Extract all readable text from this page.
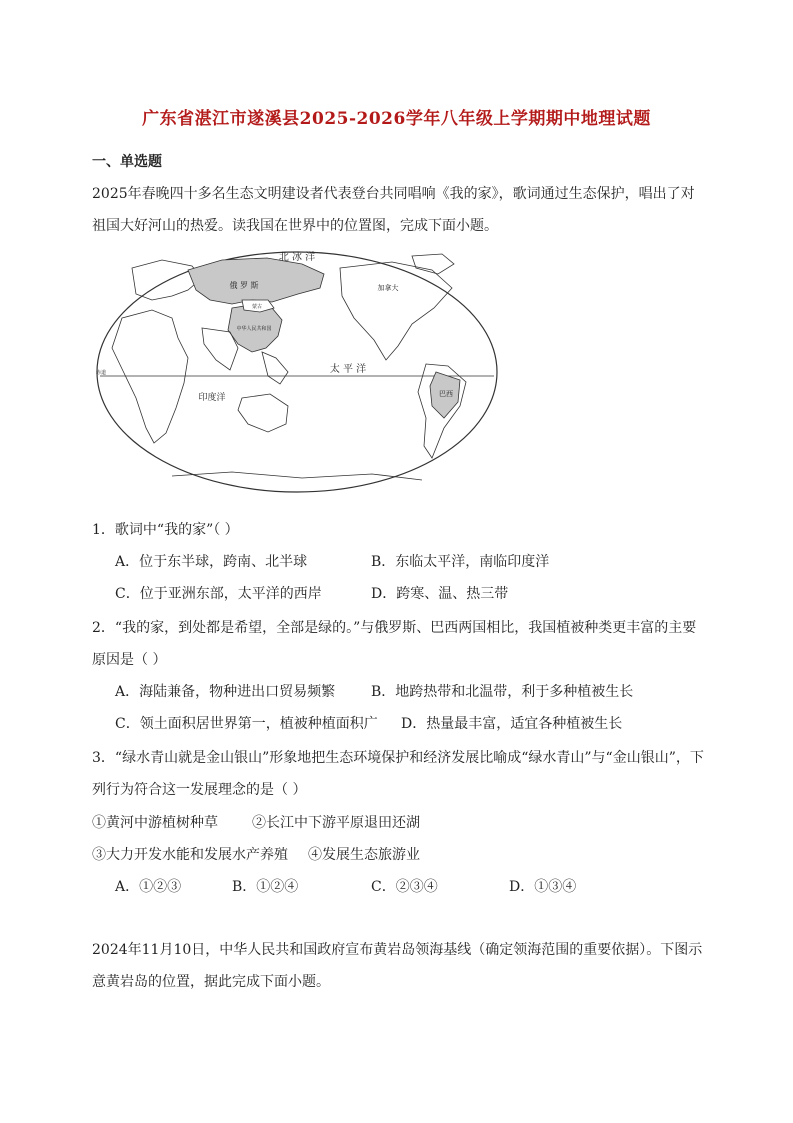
广东省湛江市遂溪县2025-2026学年八年级上学期期中地理试题
一、单选题
2025年春晚四十多名生态文明建设者代表登台共同唱响《我的家》，歌词通过生态保护，唱出了对祖国大好河山的热爱。读我国在世界中的位置图，完成下面小题。
北 冰 洋
俄 罗 斯	加拿大
蒙古
中华人民共和国
太 平 洋
印度洋	巴西
赤道
1．歌词中“我的家”（ ）
A．位于东半球，跨南、北半球	B．东临太平洋，南临印度洋
C．位于亚洲东部，太平洋的西岸	D．跨寒、温、热三带
2．“我的家，到处都是希望，全部是绿的。”与俄罗斯、巴西两国相比，我国植被种类更丰富的主要原因是（ ）
A．海陆兼备，物种进出口贸易频繁	B．地跨热带和北温带，利于多种植被生长
C．领土面积居世界第一，植被种植面积广 D．热量最丰富，适宜各种植被生长
3．“绿水青山就是金山银山”形象地把生态环境保护和经济发展比喻成“绿水青山”与“金山银山”，下列行为符合这一发展理念的是（ ）
①黄河中游植树种草 ②长江中下游平原退田还湖
③大力开发水能和发展水产养殖 ④发展生态旅游业
A．①②③	B．①②④	C．②③④	D．①③④
2024年11月10日，中华人民共和国政府宣布黄岩岛领海基线（确定领海范围的重要依据）。下图示意黄岩岛的位置，据此完成下面小题。
